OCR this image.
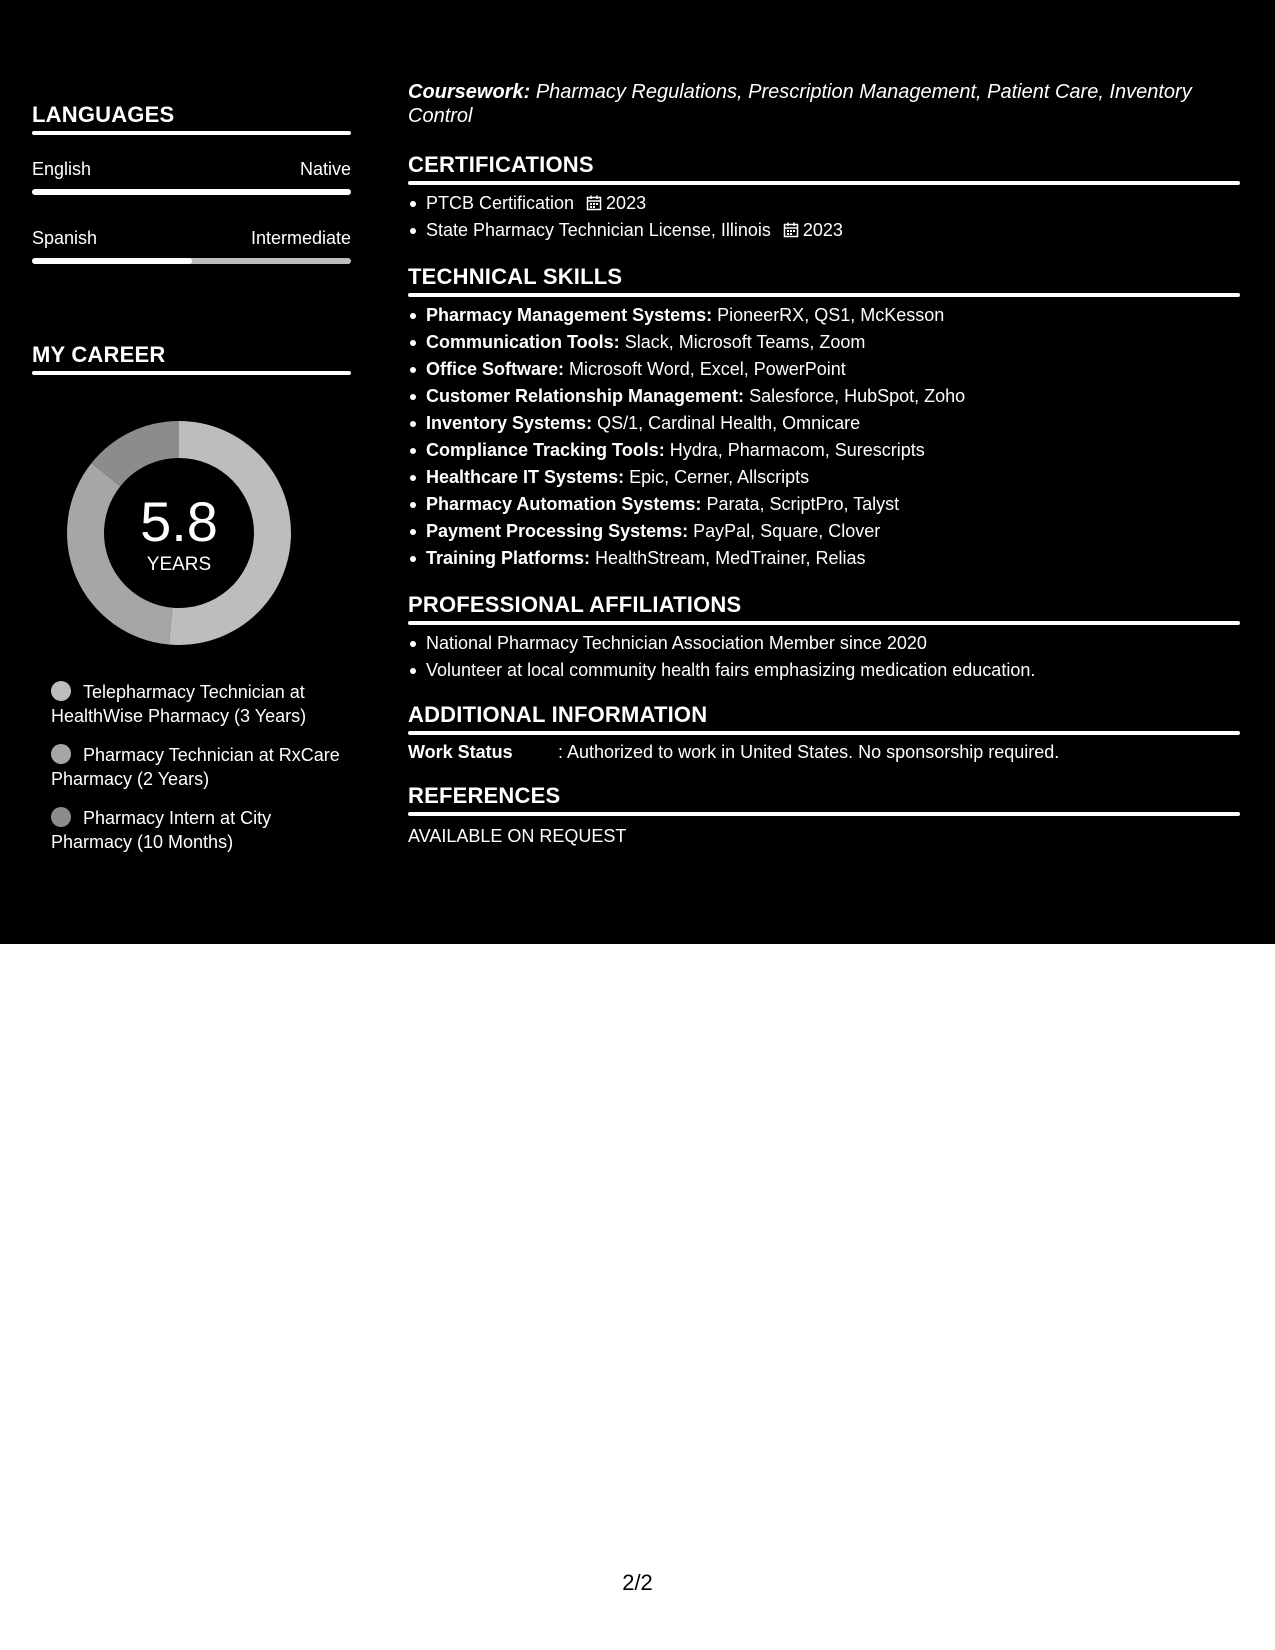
LANGUAGES
English	Native
Spanish	Intermediate
MY CAREER
5.8
YEARS
Telepharmacy Technician at HealthWise Pharmacy (3 Years)
Pharmacy Technician at RxCare Pharmacy (2 Years)
Pharmacy Intern at City Pharmacy (10 Months)
Coursework: Pharmacy Regulations, Prescription Management, Patient Care, Inventory Control
CERTIFICATIONS
PTCB Certification 2023
State Pharmacy Technician License, Illinois 2023
TECHNICAL SKILLS
Pharmacy Management Systems: PioneerRX, QS1, McKesson
Communication Tools: Slack, Microsoft Teams, Zoom
Office Software: Microsoft Word, Excel, PowerPoint
Customer Relationship Management: Salesforce, HubSpot, Zoho
Inventory Systems: QS/1, Cardinal Health, Omnicare
Compliance Tracking Tools: Hydra, Pharmacom, Surescripts
Healthcare IT Systems: Epic, Cerner, Allscripts
Pharmacy Automation Systems: Parata, ScriptPro, Talyst
Payment Processing Systems: PayPal, Square, Clover
Training Platforms: HealthStream, MedTrainer, Relias
PROFESSIONAL AFFILIATIONS
National Pharmacy Technician Association Member since 2020
Volunteer at local community health fairs emphasizing medication education.
ADDITIONAL INFORMATION
Work Status	: Authorized to work in United States. No sponsorship required.
REFERENCES
AVAILABLE ON REQUEST
2/2
